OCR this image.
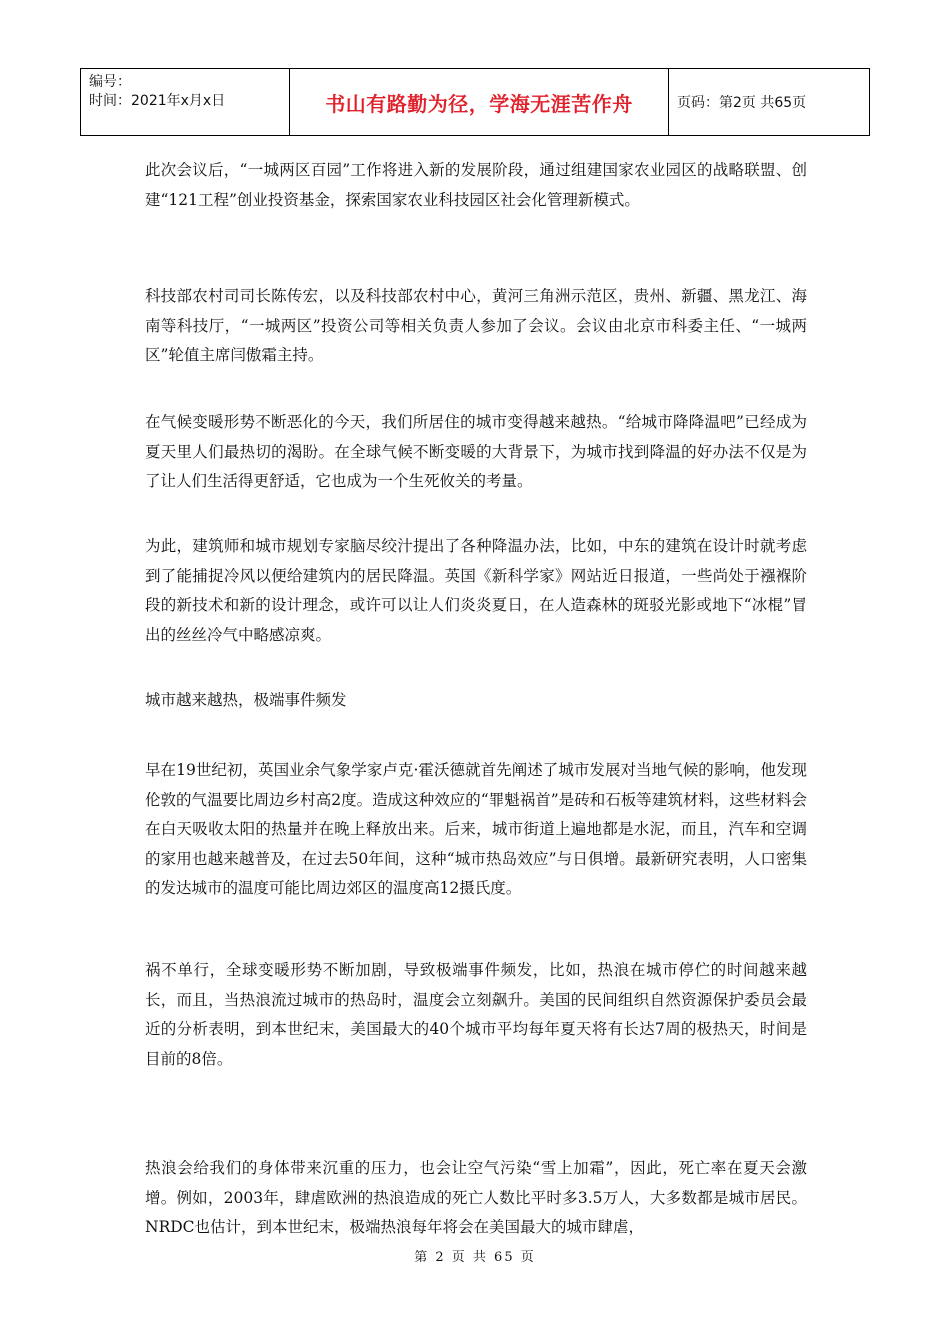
编号：
时间：2021年x月x日	书山有路勤为径，学海无涯苦作舟	页码：第2页 共65页

此次会议后，“一城两区百园”工作将进入新的发展阶段，通过组建国家农业园区的战略联盟、创建“121工程”创业投资基金，探索国家农业科技园区社会化管理新模式。

科技部农村司司长陈传宏，以及科技部农村中心，黄河三角洲示范区，贵州、新疆、黑龙江、海南等科技厅，“一城两区”投资公司等相关负责人参加了会议。会议由北京市科委主任、“一城两区”轮值主席闫傲霜主持。

在气候变暖形势不断恶化的今天，我们所居住的城市变得越来越热。“给城市降降温吧”已经成为夏天里人们最热切的渴盼。在全球气候不断变暖的大背景下，为城市找到降温的好办法不仅是为了让人们生活得更舒适，它也成为一个生死攸关的考量。

为此，建筑师和城市规划专家脑尽绞汁提出了各种降温办法，比如，中东的建筑在设计时就考虑到了能捕捉冷风以便给建筑内的居民降温。英国《新科学家》网站近日报道，一些尚处于襁褓阶段的新技术和新的设计理念，或许可以让人们炎炎夏日，在人造森林的斑驳光影或地下“冰棍”冒出的丝丝冷气中略感凉爽。

城市越来越热，极端事件频发

早在19世纪初，英国业余气象学家卢克·霍沃德就首先阐述了城市发展对当地气候的影响，他发现伦敦的气温要比周边乡村高2度。造成这种效应的“罪魁祸首”是砖和石板等建筑材料，这些材料会在白天吸收太阳的热量并在晚上释放出来。后来，城市街道上遍地都是水泥，而且，汽车和空调的家用也越来越普及，在过去50年间，这种“城市热岛效应”与日俱增。最新研究表明，人口密集的发达城市的温度可能比周边郊区的温度高12摄氏度。

祸不单行，全球变暖形势不断加剧，导致极端事件频发，比如，热浪在城市停伫的时间越来越长，而且，当热浪流过城市的热岛时，温度会立刻飙升。美国的民间组织自然资源保护委员会最近的分析表明，到本世纪末，美国最大的40个城市平均每年夏天将有长达7周的极热天，时间是目前的8倍。

热浪会给我们的身体带来沉重的压力，也会让空气污染“雪上加霜”，因此，死亡率在夏天会激增。例如，2003年，肆虐欧洲的热浪造成的死亡人数比平时多3.5万人，大多数都是城市居民。NRDC也估计，到本世纪末，极端热浪每年将会在美国最大的城市肆虐，

第 2 页 共 65 页
